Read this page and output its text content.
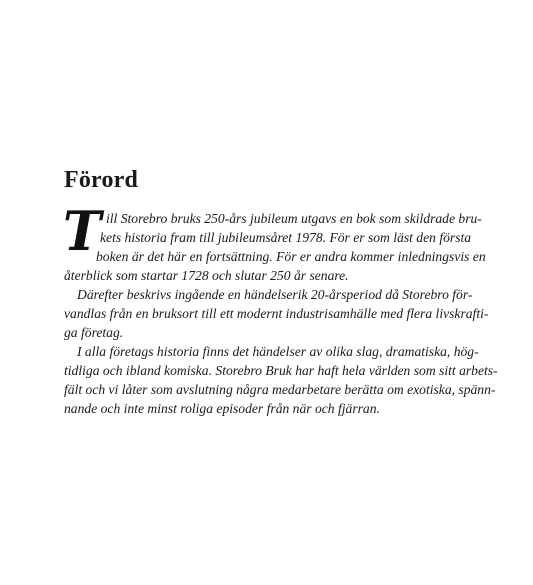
Förord
T ill Storebro bruks 250-års jubileum utgavs en bok som skildrade bru-
kets historia fram till jubileumsåret 1978. För er som läst den första
boken är det här en fortsättning. För er andra kommer inledningsvis en
återblick som startar 1728 och slutar 250 år senare.
Därefter beskrivs ingående en händelserik 20-årsperiod då Storebro för-
vandlas från en bruksort till ett modernt industrisamhälle med flera livskrafti-
ga företag.
I alla företags historia finns det händelser av olika slag, dramatiska, hög-
tidliga och ibland komiska. Storebro Bruk har haft hela världen som sitt arbets-
fält och vi låter som avslutning några medarbetare berätta om exotiska, spänn-
nande och inte minst roliga episoder från när och fjärran.
